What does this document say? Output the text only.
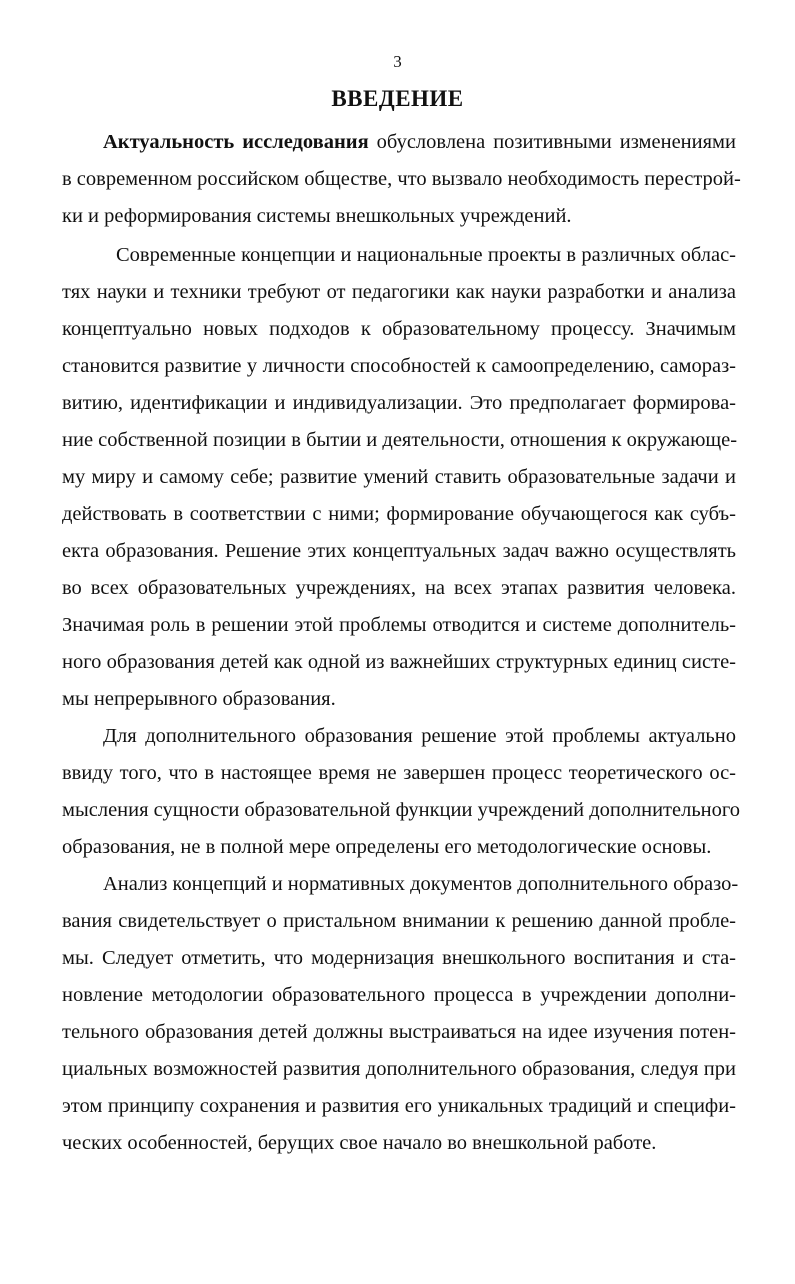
3
ВВЕДЕНИЕ
Актуальность исследования обусловлена позитивными изменениями
в современном российском обществе, что вызвало необходимость перестрой-
ки и реформирования системы внешкольных учреждений.
Современные концепции и национальные проекты в различных облас-
тях науки и техники требуют от педагогики как науки разработки и анализа
концептуально новых подходов к образовательному процессу. Значимым
становится развитие у личности способностей к самоопределению, самораз-
витию, идентификации и индивидуализации. Это предполагает формирова-
ние собственной позиции в бытии и деятельности, отношения к окружающе-
му миру и самому себе; развитие умений ставить образовательные задачи и
действовать в соответствии с ними; формирование обучающегося как субъ-
екта образования. Решение этих концептуальных задач важно осуществлять
во всех образовательных учреждениях, на всех этапах развития человека.
Значимая роль в решении этой проблемы отводится и системе дополнитель-
ного образования детей как одной из важнейших структурных единиц систе-
мы непрерывного образования.
Для дополнительного образования решение этой проблемы актуально
ввиду того, что в настоящее время не завершен процесс теоретического ос-
мысления сущности образовательной функции учреждений дополнительного
образования, не в полной мере определены его методологические основы.
Анализ концепций и нормативных документов дополнительного образо-
вания свидетельствует о пристальном внимании к решению данной пробле-
мы. Следует отметить, что модернизация внешкольного воспитания и ста-
новление методологии образовательного процесса в учреждении дополни-
тельного образования детей должны выстраиваться на идее изучения потен-
циальных возможностей развития дополнительного образования, следуя при
этом принципу сохранения и развития его уникальных традиций и специфи-
ческих особенностей, берущих свое начало во внешкольной работе.
